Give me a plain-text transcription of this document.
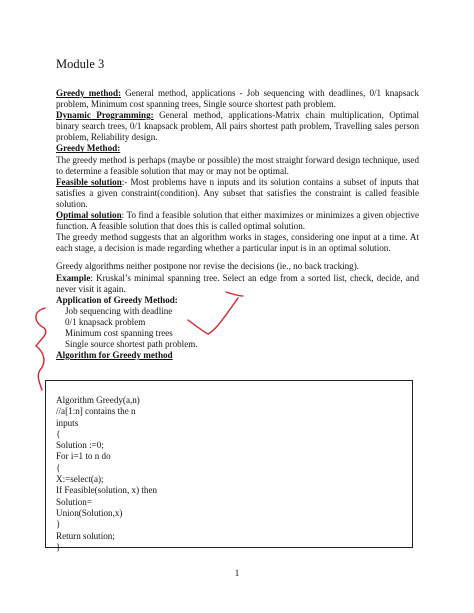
Module 3

Greedy method: General method, applications - Job sequencing with deadlines, 0/1 knapsack problem, Minimum cost spanning trees, Single source shortest path problem.

Dynamic Programming: General method, applications-Matrix chain multiplication, Optimal binary search trees, 0/1 knapsack problem, All pairs shortest path problem, Travelling sales person problem, Reliability design.

Greedy Method:

The greedy method is perhaps (maybe or possible) the most straight forward design technique, used to determine a feasible solution that may or may not be optimal.

Feasible solution:- Most problems have n inputs and its solution contains a subset of inputs that satisfies a given constraint(condition). Any subset that satisfies the constraint is called feasible solution.

Optimal solution: To find a feasible solution that either maximizes or minimizes a given objective function. A feasible solution that does this is called optimal solution.

The greedy method suggests that an algorithm works in stages, considering one input at a time. At each stage, a decision is made regarding whether a particular input is in an optimal solution.

Greedy algorithms neither postpone nor revise the decisions (ie., no back tracking).

Example: Kruskal’s minimal spanning tree. Select an edge from a sorted list, check, decide, and never visit it again.

Application of Greedy Method:

Job sequencing with deadline
0/1 knapsack problem
Minimum cost spanning trees
Single source shortest path problem.

Algorithm for Greedy method

Algorithm Greedy(a,n)
//a[1:n] contains the n
inputs
{
Solution :=0;
For i=1 to n do
{
X:=select(a);
If Feasible(solution, x) then
Solution=
Union(Solution,x)
}
Return solution;
}
1
